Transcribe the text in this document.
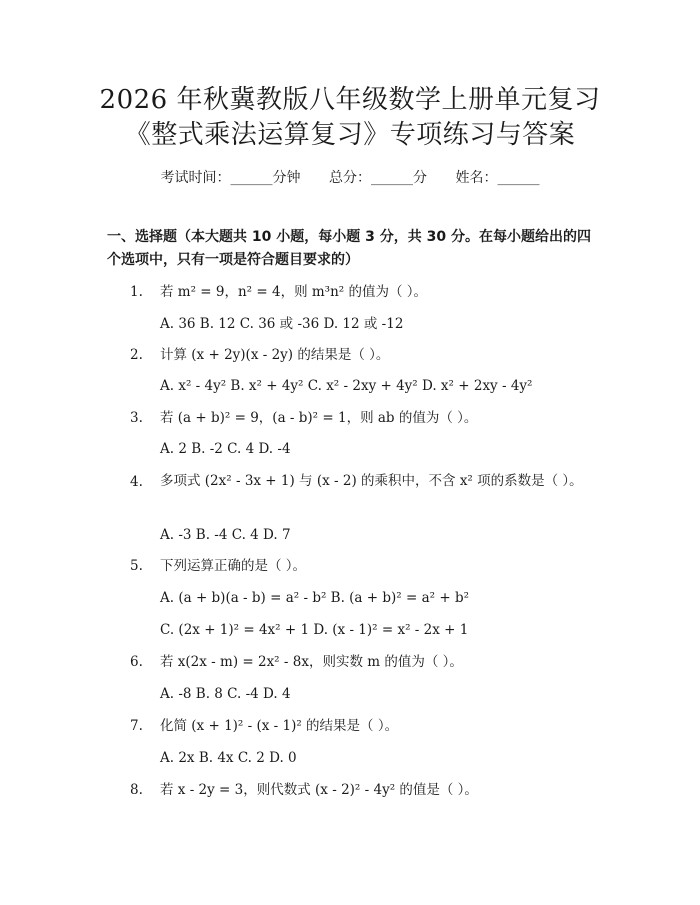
2026 年秋冀教版八年级数学上册单元复习
《整式乘法运算复习》专项练习与答案
考试时间：______分钟 总分：______分 姓名：______
一、选择题（本大题共 10 小题，每小题 3 分，共 30 分。在每小题给出的四个选项中，只有一项是符合题目要求的）
1.	若 m² = 9，n² = 4，则 m³n² 的值为（ ）。
A. 36 B. 12 C. 36 或 -36 D. 12 或 -12
2.	计算 (x + 2y)(x - 2y) 的结果是（ ）。
A. x² - 4y² B. x² + 4y² C. x² - 2xy + 4y² D. x² + 2xy - 4y²
3.	若 (a + b)² = 9，(a - b)² = 1，则 ab 的值为（ ）。
A. 2 B. -2 C. 4 D. -4
4.	多项式 (2x² - 3x + 1) 与 (x - 2) 的乘积中，不含 x² 项的系数是（ ）。
A. -3 B. -4 C. 4 D. 7
5.	下列运算正确的是（ ）。
A. (a + b)(a - b) = a² - b² B. (a + b)² = a² + b²
C. (2x + 1)² = 4x² + 1 D. (x - 1)² = x² - 2x + 1
6.	若 x(2x - m) = 2x² - 8x，则实数 m 的值为（ ）。
A. -8 B. 8 C. -4 D. 4
7.	化简 (x + 1)² - (x - 1)² 的结果是（ ）。
A. 2x B. 4x C. 2 D. 0
8.	若 x - 2y = 3，则代数式 (x - 2)² - 4y² 的值是（ ）。
